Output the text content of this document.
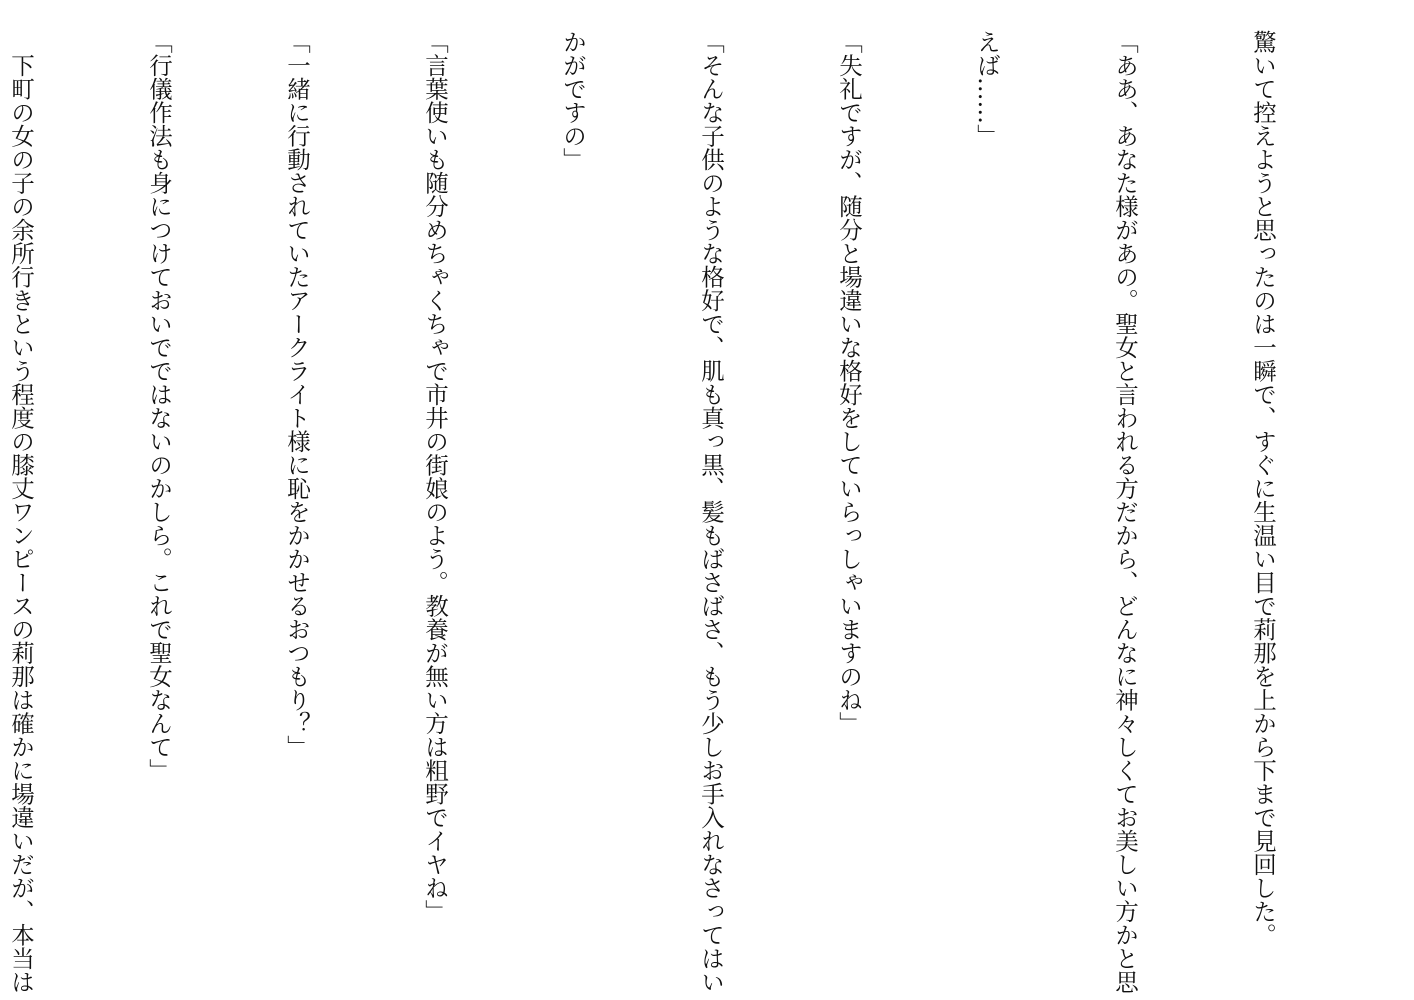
驚いて控えようと思ったのは一瞬で、すぐに生温い目で莉那を上から下まで見回した。

「ああ、あなた様があの。聖女と言われる方だから、どんなに神々しくてお美しい方かと思

えば……」

「失礼ですが、随分と場違いな格好をしていらっしゃいますのね」

「そんな子供のような格好で、肌も真っ黒、髪もばさばさ、もう少しお手入れなさってはい

かがですの」

「言葉使いも随分めちゃくちゃで市井の街娘のよう。教養が無い方は粗野でイヤね」

「一緒に行動されていたアークライト様に恥をかかせるおつもり？」

「行儀作法も身につけておいでではないのかしら。これで聖女なんて」

　下町の女の子の余所行きという程度の膝丈ワンピースの莉那は確かに場違いだが、本当は
